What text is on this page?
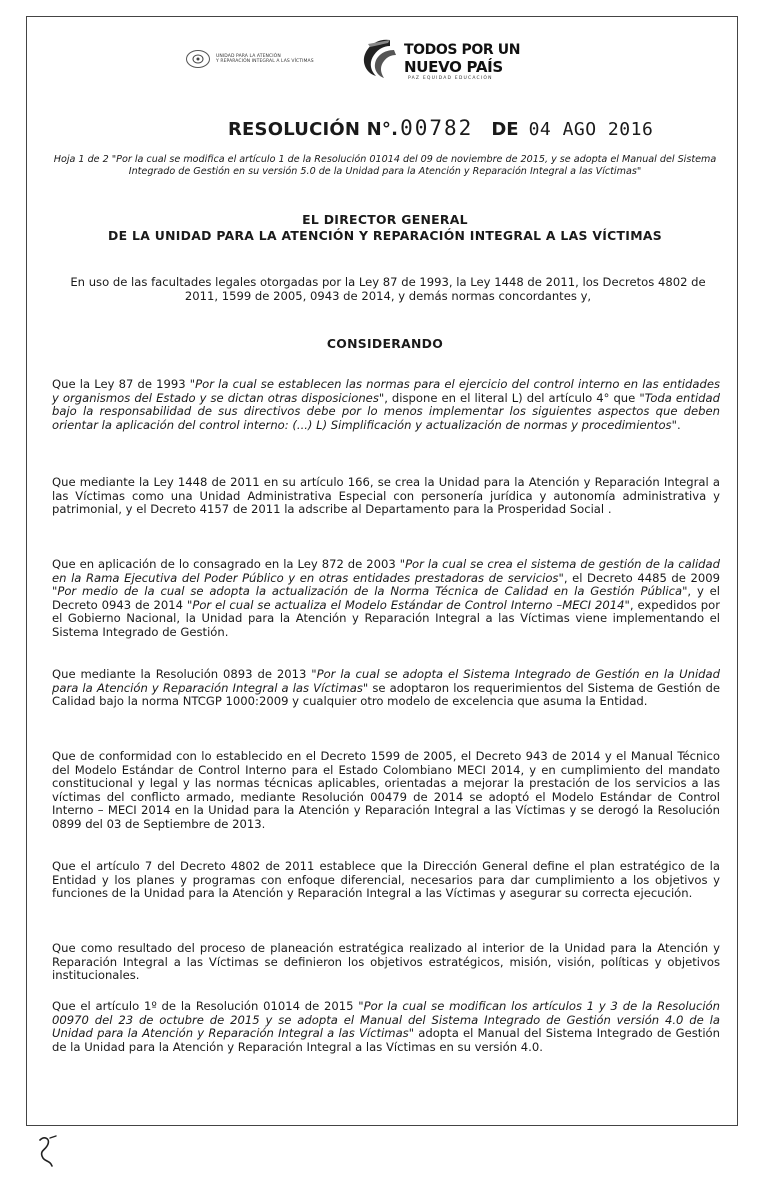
UNIDAD PARA LA ATENCIÓN
Y REPARACIÓN INTEGRAL A LAS VÍCTIMAS
TODOS POR UN
NUEVO PAÍS
PAZ EQUIDAD EDUCACIÓN
RESOLUCIÓN N°.00782 DE 04 AGO 2016
Hoja 1 de 2 "Por la cual se modifica el artículo 1 de la Resolución 01014 del 09 de noviembre de 2015, y se adopta el Manual del Sistema Integrado de Gestión en su versión 5.0 de la Unidad para la Atención y Reparación Integral a las Víctimas"
EL DIRECTOR GENERAL
DE LA UNIDAD PARA LA ATENCIÓN Y REPARACIÓN INTEGRAL A LAS VÍCTIMAS
En uso de las facultades legales otorgadas por la Ley 87 de 1993, la Ley 1448 de 2011, los Decretos 4802 de 2011, 1599 de 2005, 0943 de 2014, y demás normas concordantes y,
CONSIDERANDO
Que la Ley 87 de 1993 "Por la cual se establecen las normas para el ejercicio del control interno en las entidades y organismos del Estado y se dictan otras disposiciones", dispone en el literal L) del artículo 4° que "Toda entidad bajo la responsabilidad de sus directivos debe por lo menos implementar los siguientes aspectos que deben orientar la aplicación del control interno: (...) L) Simplificación y actualización de normas y procedimientos".
Que mediante la Ley 1448 de 2011 en su artículo 166, se crea la Unidad para la Atención y Reparación Integral a las Víctimas como una Unidad Administrativa Especial con personería jurídica y autonomía administrativa y patrimonial, y el Decreto 4157 de 2011 la adscribe al Departamento para la Prosperidad Social .
Que en aplicación de lo consagrado en la Ley 872 de 2003 "Por la cual se crea el sistema de gestión de la calidad en la Rama Ejecutiva del Poder Público y en otras entidades prestadoras de servicios", el Decreto 4485 de 2009 "Por medio de la cual se adopta la actualización de la Norma Técnica de Calidad en la Gestión Pública", y el Decreto 0943 de 2014 "Por el cual se actualiza el Modelo Estándar de Control Interno –MECI 2014", expedidos por el Gobierno Nacional, la Unidad para la Atención y Reparación Integral a las Víctimas viene implementando el Sistema Integrado de Gestión.
Que mediante la Resolución 0893 de 2013 "Por la cual se adopta el Sistema Integrado de Gestión en la Unidad para la Atención y Reparación Integral a las Víctimas" se adoptaron los requerimientos del Sistema de Gestión de Calidad bajo la norma NTCGP 1000:2009 y cualquier otro modelo de excelencia que asuma la Entidad.
Que de conformidad con lo establecido en el Decreto 1599 de 2005, el Decreto 943 de 2014 y el Manual Técnico del Modelo Estándar de Control Interno para el Estado Colombiano MECI 2014, y en cumplimiento del mandato constitucional y legal y las normas técnicas aplicables, orientadas a mejorar la prestación de los servicios a las víctimas del conflicto armado, mediante Resolución 00479 de 2014 se adoptó el Modelo Estándar de Control Interno – MECI 2014 en la Unidad para la Atención y Reparación Integral a las Víctimas y se derogó la Resolución 0899 del 03 de Septiembre de 2013.
Que el artículo 7 del Decreto 4802 de 2011 establece que la Dirección General define el plan estratégico de la Entidad y los planes y programas con enfoque diferencial, necesarios para dar cumplimiento a los objetivos y funciones de la Unidad para la Atención y Reparación Integral a las Víctimas y asegurar su correcta ejecución.
Que como resultado del proceso de planeación estratégica realizado al interior de la Unidad para la Atención y Reparación Integral a las Víctimas se definieron los objetivos estratégicos, misión, visión, políticas y objetivos institucionales.
Que el artículo 1º de la Resolución 01014 de 2015 "Por la cual se modifican los artículos 1 y 3 de la Resolución 00970 del 23 de octubre de 2015 y se adopta el Manual del Sistema Integrado de Gestión versión 4.0 de la Unidad para la Atención y Reparación Integral a las Víctimas" adopta el Manual del Sistema Integrado de Gestión de la Unidad para la Atención y Reparación Integral a las Víctimas en su versión 4.0.
